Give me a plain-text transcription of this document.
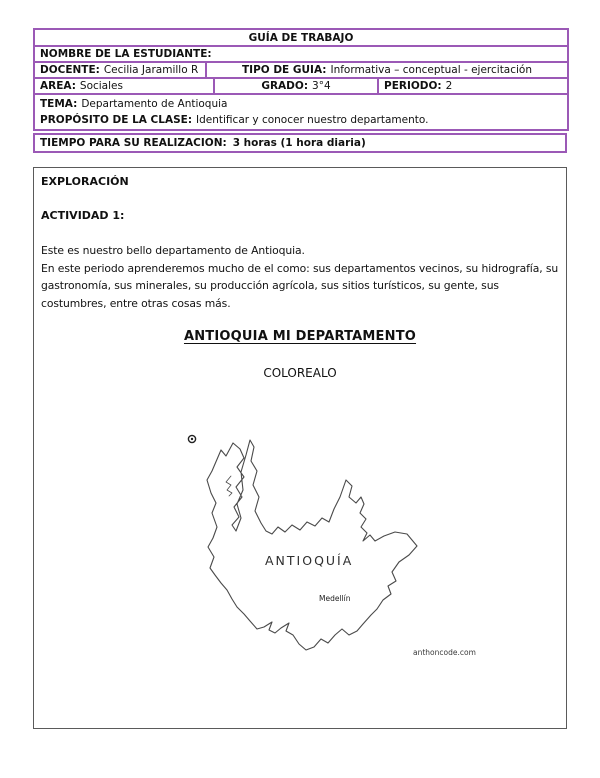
GUÍA DE TRABAJO			
NOMBRE DE LA ESTUDIANTE:			
DOCENTE: Cecilia Jaramillo R	TIPO DE GUIA: Informativa – conceptual - ejercitación		
AREA: Sociales		GRADO: 3°4	PERIODO: 2

TEMA: Departamento de Antioquia
PROPÓSITO DE LA CLASE: Identificar y conocer nuestro departamento.			
TIEMPO PARA SU REALIZACION: 3 horas (1 hora diaria)
EXPLORACIÓN
ACTIVIDAD 1:
Este es nuestro bello departamento de Antioquia.
En este periodo aprenderemos mucho de el como: sus departamentos vecinos, su hidrografía, su gastronomía, sus minerales, su producción agrícola, sus sitios turísticos, su gente, sus costumbres, entre otras cosas más.
ANTIOQUIA MI DEPARTAMENTO
COLOREALO
ANTIOQUÍA
Medellín
anthoncode.com
